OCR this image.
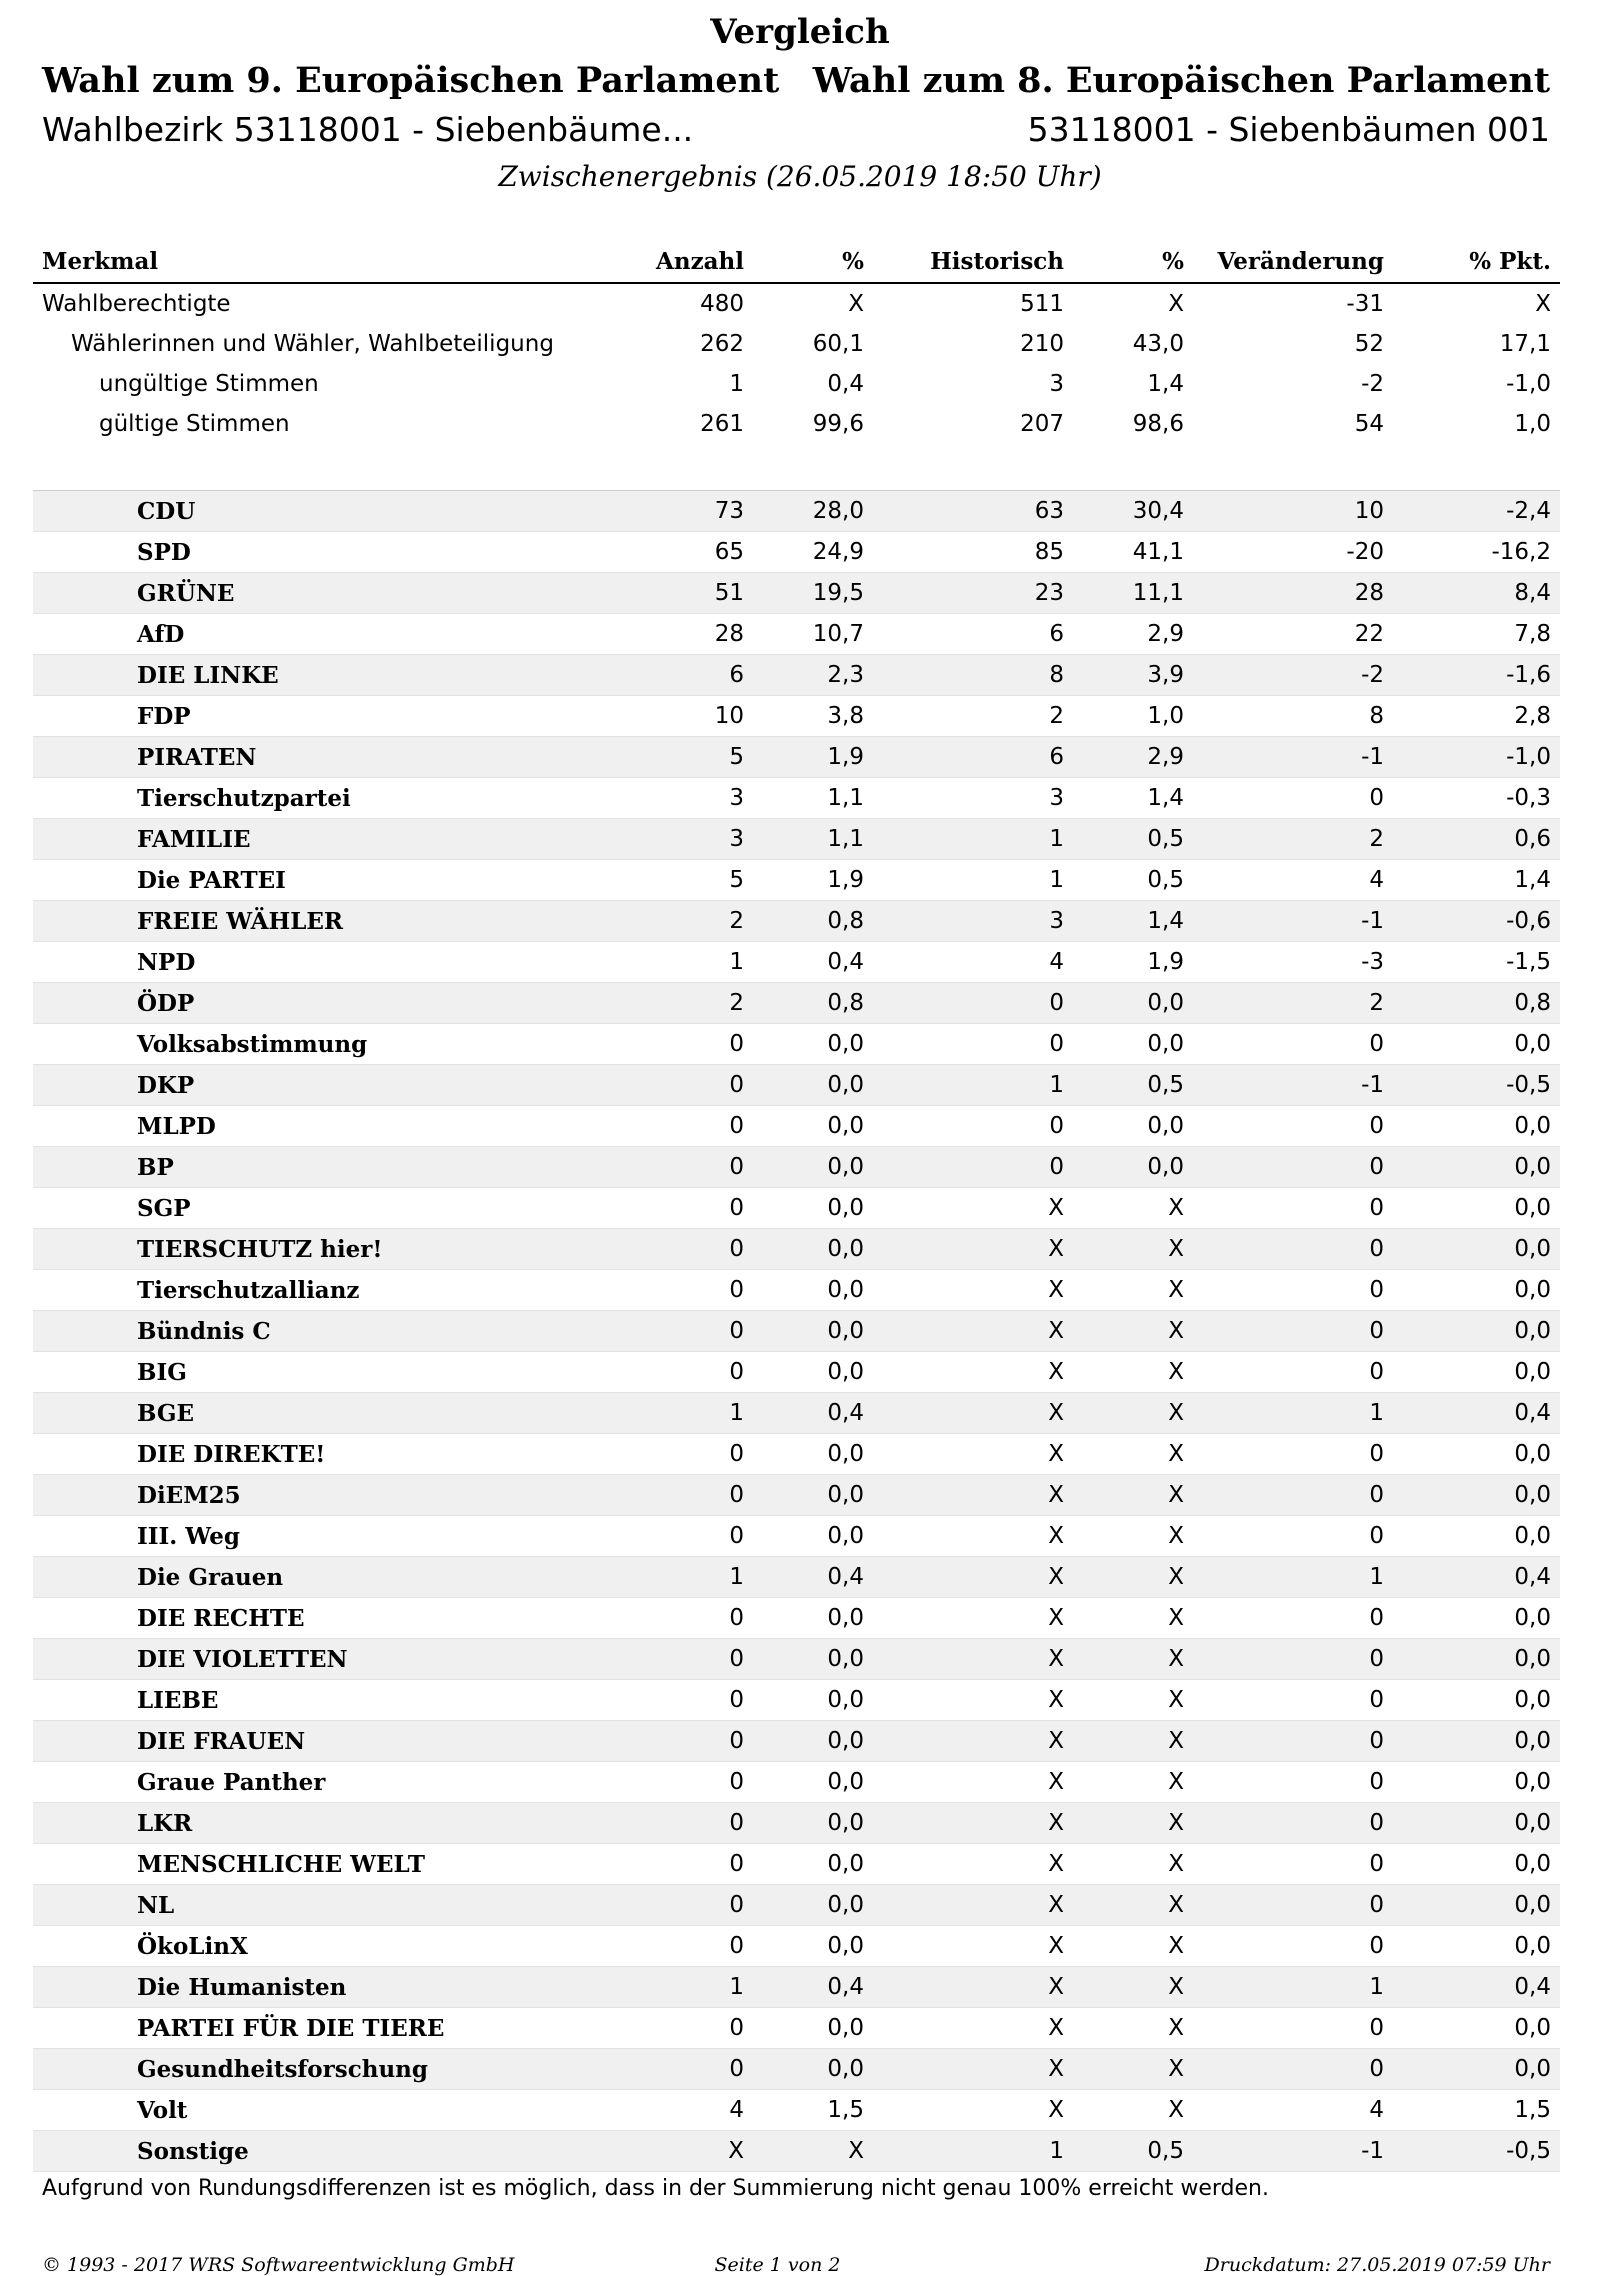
Vergleich
Wahl zum 9. Europäischen Parlament Wahl zum 8. Europäischen Parlament
Wahlbezirk 53118001 - Siebenbäume...	53118001 - Siebenbäumen 001
Zwischenergebnis (26.05.2019 18:50 Uhr)
Merkmal	Anzahl	%	Historisch	%	Veränderung	% Pkt.
Wahlberechtigte	480	X	511	X	-31	X
Wählerinnen und Wähler, Wahlbeteiligung	262	60,1	210	43,0	52	17,1
ungültige Stimmen	1	0,4	3	1,4	-2	-1,0
gültige Stimmen	261	99,6	207	98,6	54	1,0

CDU	73	28,0	63	30,4	10	-2,4
SPD	65	24,9	85	41,1	-20	-16,2
GRÜNE	51	19,5	23	11,1	28	8,4
AfD	28	10,7	6	2,9	22	7,8
DIE LINKE	6	2,3	8	3,9	-2	-1,6
FDP	10	3,8	2	1,0	8	2,8
PIRATEN	5	1,9	6	2,9	-1	-1,0
Tierschutzpartei	3	1,1	3	1,4	0	-0,3
FAMILIE	3	1,1	1	0,5	2	0,6
Die PARTEI	5	1,9	1	0,5	4	1,4
FREIE WÄHLER	2	0,8	3	1,4	-1	-0,6
NPD	1	0,4	4	1,9	-3	-1,5
ÖDP	2	0,8	0	0,0	2	0,8
Volksabstimmung	0	0,0	0	0,0	0	0,0
DKP	0	0,0	1	0,5	-1	-0,5
MLPD	0	0,0	0	0,0	0	0,0
BP	0	0,0	0	0,0	0	0,0
SGP	0	0,0	X	X	0	0,0
TIERSCHUTZ hier!	0	0,0	X	X	0	0,0
Tierschutzallianz	0	0,0	X	X	0	0,0
Bündnis C	0	0,0	X	X	0	0,0
BIG	0	0,0	X	X	0	0,0
BGE	1	0,4	X	X	1	0,4
DIE DIREKTE!	0	0,0	X	X	0	0,0
DiEM25	0	0,0	X	X	0	0,0
III. Weg	0	0,0	X	X	0	0,0
Die Grauen	1	0,4	X	X	1	0,4
DIE RECHTE	0	0,0	X	X	0	0,0
DIE VIOLETTEN	0	0,0	X	X	0	0,0
LIEBE	0	0,0	X	X	0	0,0
DIE FRAUEN	0	0,0	X	X	0	0,0
Graue Panther	0	0,0	X	X	0	0,0
LKR	0	0,0	X	X	0	0,0
MENSCHLICHE WELT	0	0,0	X	X	0	0,0
NL	0	0,0	X	X	0	0,0
ÖkoLinX	0	0,0	X	X	0	0,0
Die Humanisten	1	0,4	X	X	1	0,4
PARTEI FÜR DIE TIERE	0	0,0	X	X	0	0,0
Gesundheitsforschung	0	0,0	X	X	0	0,0
Volt	4	1,5	X	X	4	1,5
Sonstige	X	X	1	0,5	-1	-0,5
Aufgrund von Rundungsdifferenzen ist es möglich, dass in der Summierung nicht genau 100% erreicht werden.
© 1993 - 2017 WRS Softwareentwicklung GmbH	Seite 1 von 2	Druckdatum: 27.05.2019 07:59 Uhr
